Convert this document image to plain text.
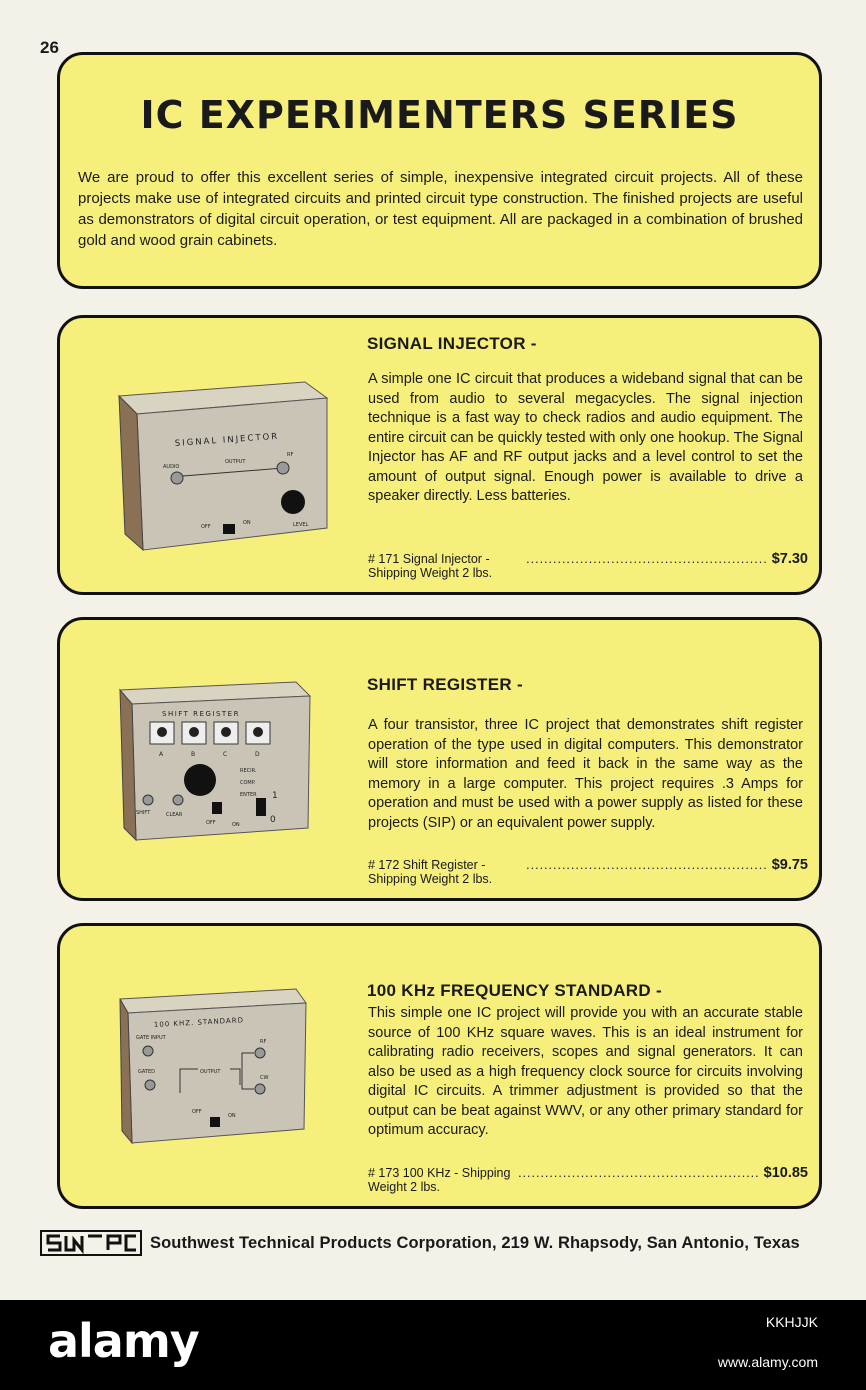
26
IC EXPERIMENTERS SERIES
We are proud to offer this excellent series of simple, inexpensive integrated circuit projects. All of these projects make use of integrated circuits and printed circuit type construction. The finished projects are useful as demonstrators of digital circuit operation, or test equipment. All are packaged in a combination of brushed gold and wood grain cabinets.
SIGNAL INJECTOR
AUDIO
OUTPUT
RF
LEVEL
OFF
ON
SIGNAL INJECTOR -
A simple one IC circuit that produces a wideband signal that can be used from audio to several megacycles. The signal injection technique is a fast way to check radios and audio equipment. The entire circuit can be quickly tested with only one hookup. The Signal Injector has AF and RF output jacks and a level control to set the amount of output signal. Enough power is available to drive a speaker directly. Less batteries.
# 171 Signal Injector - Shipping Weight 2 lbs.
...................................................... $7.30
SHIFT REGISTER
A	B	C	D
RECIR.
COMP.
ENTER 1
0
SHIFT	CLEAR
OFF	ON
SHIFT REGISTER -
A four transistor, three IC project that demonstrates shift register operation of the type used in digital computers. This demonstrator will store information and feed it back in the same way as the memory in a large computer. This project requires .3 Amps for operation and must be used with a power supply as listed for these projects (SIP) or an equivalent power supply.
# 172 Shift Register - Shipping Weight 2 lbs.
...................................................... $9.75
100 KHZ. STANDARD
GATE INPUT
GATED	OUTPUT
RF
CW
OFF
ON
100 KHz FREQUENCY STANDARD -
This simple one IC project will provide you with an accurate stable source of 100 KHz square waves. This is an ideal instrument for calibrating radio receivers, scopes and signal generators. It can also be used as a high frequency clock source for circuits involving digital IC circuits. A trimmer adjustment is provided so that the output can be beat against WWV, or any other primary standard for optimum accuracy.
# 173 100 KHz - Shipping Weight 2 lbs.
...................................................... $10.85
Southwest Technical Products Corporation, 219 W. Rhapsody, San Antonio, Texas
alamy	KKHJJK
www.alamy.com
